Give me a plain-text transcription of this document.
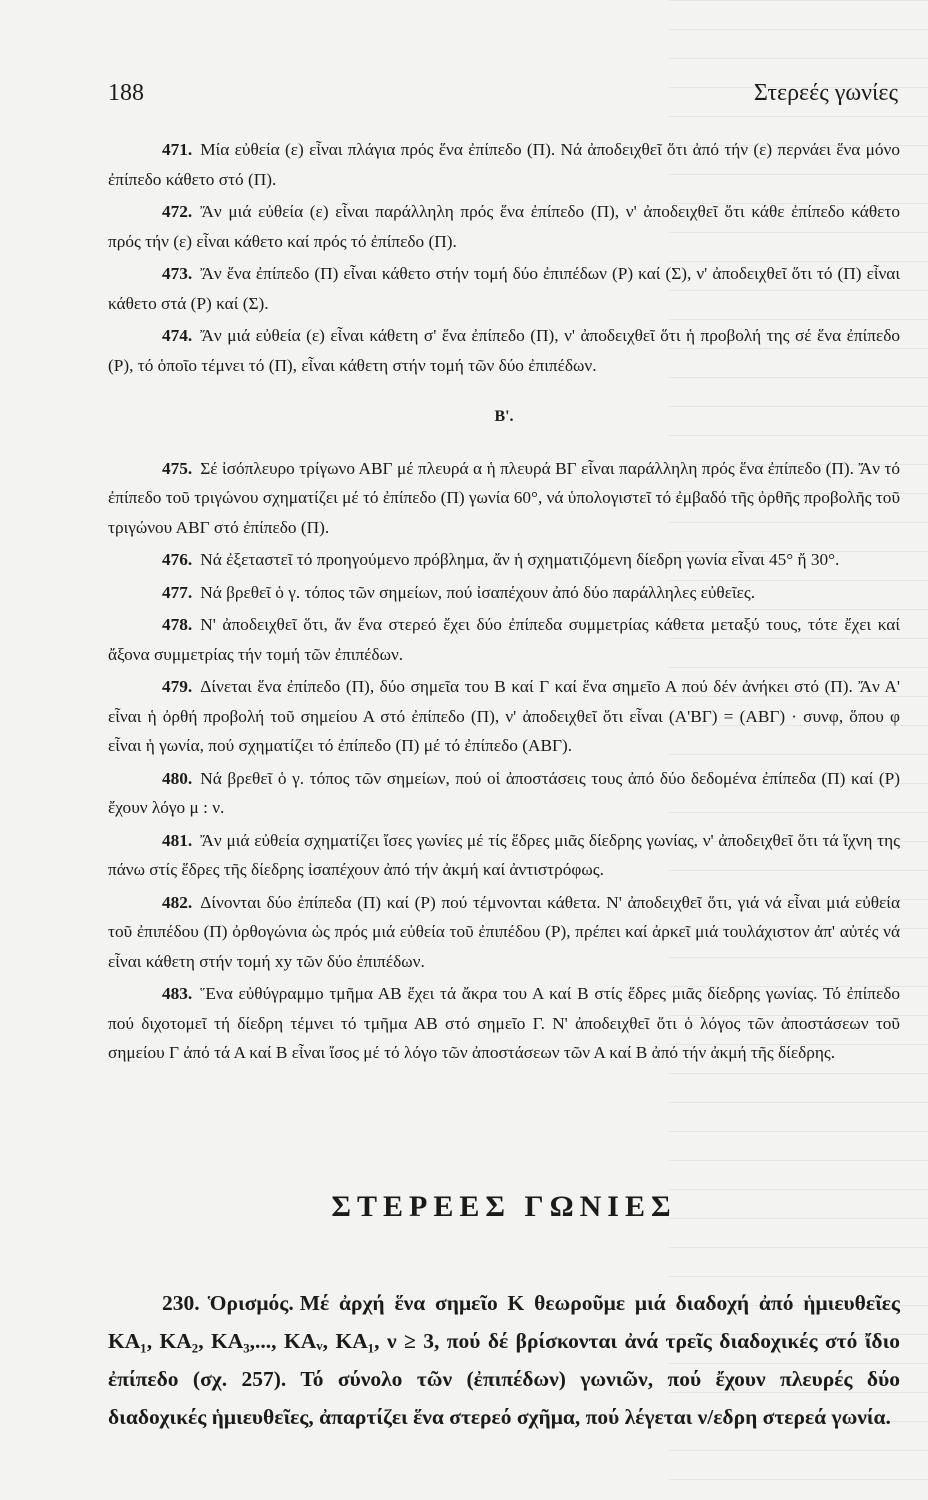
188	Στερεές γωνίες

471. Μία εὐθεία (ε) εἶναι πλάγια πρός ἕνα ἐπίπεδο (Π). Νά ἀποδειχθεῖ ὅτι ἀπό τήν (ε) περνάει ἕνα μόνο ἐπίπεδο κάθετο στό (Π).

472. Ἄν μιά εὐθεία (ε) εἶναι παράλληλη πρός ἕνα ἐπίπεδο (Π), ν' ἀποδειχθεῖ ὅτι κάθε ἐπίπεδο κάθετο πρός τήν (ε) εἶναι κάθετο καί πρός τό ἐπίπεδο (Π).

473. Ἄν ἕνα ἐπίπεδο (Π) εἶναι κάθετο στήν τομή δύο ἐπιπέδων (Ρ) καί (Σ), ν' ἀποδειχθεῖ ὅτι τό (Π) εἶναι κάθετο στά (Ρ) καί (Σ).

474. Ἄν μιά εὐθεία (ε) εἶναι κάθετη σ' ἕνα ἐπίπεδο (Π), ν' ἀποδειχθεῖ ὅτι ἡ προβολή της σέ ἕνα ἐπίπεδο (Ρ), τό ὁποῖο τέμνει τό (Π), εἶναι κάθετη στήν τομή τῶν δύο ἐπιπέδων.

Β'.

475. Σέ ἰσόπλευρο τρίγωνο ΑΒΓ μέ πλευρά α ἡ πλευρά ΒΓ εἶναι παράλληλη πρός ἕνα ἐπίπεδο (Π). Ἄν τό ἐπίπεδο τοῦ τριγώνου σχηματίζει μέ τό ἐπίπεδο (Π) γωνία 60°, νά ὑπολογιστεῖ τό ἐμβαδό τῆς ὀρθῆς προβολῆς τοῦ τριγώνου ΑΒΓ στό ἐπίπεδο (Π).

476. Νά ἐξεταστεῖ τό προηγούμενο πρόβλημα, ἄν ἡ σχηματιζόμενη δίεδρη γωνία εἶναι 45° ἤ 30°.

477. Νά βρεθεῖ ὁ γ. τόπος τῶν σημείων, πού ἰσαπέχουν ἀπό δύο παράλληλες εὐθεῖες.

478. Ν' ἀποδειχθεῖ ὅτι, ἄν ἕνα στερεό ἔχει δύο ἐπίπεδα συμμετρίας κάθετα μεταξύ τους, τότε ἔχει καί ἄξονα συμμετρίας τήν τομή τῶν ἐπιπέδων.

479. Δίνεται ἕνα ἐπίπεδο (Π), δύο σημεῖα του Β καί Γ καί ἕνα σημεῖο Α πού δέν ἀνήκει στό (Π). Ἄν Α' εἶναι ἡ ὀρθή προβολή τοῦ σημείου Α στό ἐπίπεδο (Π), ν' ἀποδειχθεῖ ὅτι εἶναι (Α'ΒΓ) = (ΑΒΓ) · συνφ, ὅπου φ εἶναι ἡ γωνία, πού σχηματίζει τό ἐπίπεδο (Π) μέ τό ἐπίπεδο (ΑΒΓ).

480. Νά βρεθεῖ ὁ γ. τόπος τῶν σημείων, πού οἱ ἀποστάσεις τους ἀπό δύο δεδομένα ἐπίπεδα (Π) καί (Ρ) ἔχουν λόγο μ : ν.

481. Ἄν μιά εὐθεία σχηματίζει ἴσες γωνίες μέ τίς ἕδρες μιᾶς δίεδρης γωνίας, ν' ἀποδειχθεῖ ὅτι τά ἴχνη της πάνω στίς ἕδρες τῆς δίεδρης ἰσαπέχουν ἀπό τήν ἀκμή καί ἀντιστρόφως.

482. Δίνονται δύο ἐπίπεδα (Π) καί (Ρ) πού τέμνονται κάθετα. Ν' ἀποδειχθεῖ ὅτι, γιά νά εἶναι μιά εὐθεία τοῦ ἐπιπέδου (Π) ὀρθογώνια ὡς πρός μιά εὐθεία τοῦ ἐπιπέδου (Ρ), πρέπει καί ἀρκεῖ μιά τουλάχιστον ἀπ' αὐτές νά εἶναι κάθετη στήν τομή xy τῶν δύο ἐπιπέδων.

483. Ἕνα εὐθύγραμμο τμῆμα ΑΒ ἔχει τά ἄκρα του Α καί Β στίς ἕδρες μιᾶς δίεδρης γωνίας. Τό ἐπίπεδο πού διχοτομεῖ τή δίεδρη τέμνει τό τμῆμα ΑΒ στό σημεῖο Γ. Ν' ἀποδειχθεῖ ὅτι ὁ λόγος τῶν ἀποστάσεων τοῦ σημείου Γ ἀπό τά Α καί Β εἶναι ἴσος μέ τό λόγο τῶν ἀποστάσεων τῶν Α καί Β ἀπό τήν ἀκμή τῆς δίεδρης.

ΣΤΕΡΕΕΣ ΓΩΝΙΕΣ

230. Ὁρισμός. Μέ ἀρχή ἕνα σημεῖο Κ θεωροῦμε μιά διαδοχή ἀπό ἡμιευθεῖες ΚΑ₁, ΚΑ₂, ΚΑ₃,..., ΚΑᵥ, ΚΑ₁, ν ≥ 3, πού δέ βρίσκονται ἀνά τρεῖς διαδοχικές στό ἴδιο ἐπίπεδο (σχ. 257). Τό σύνολο τῶν (ἐπιπέδων) γωνιῶν, πού ἔχουν πλευρές δύο διαδοχικές ἡμιευθεῖες, ἀπαρτίζει ἕνα στερεό σχῆμα, πού λέγεται ν/εδρη στερεά γωνία.
